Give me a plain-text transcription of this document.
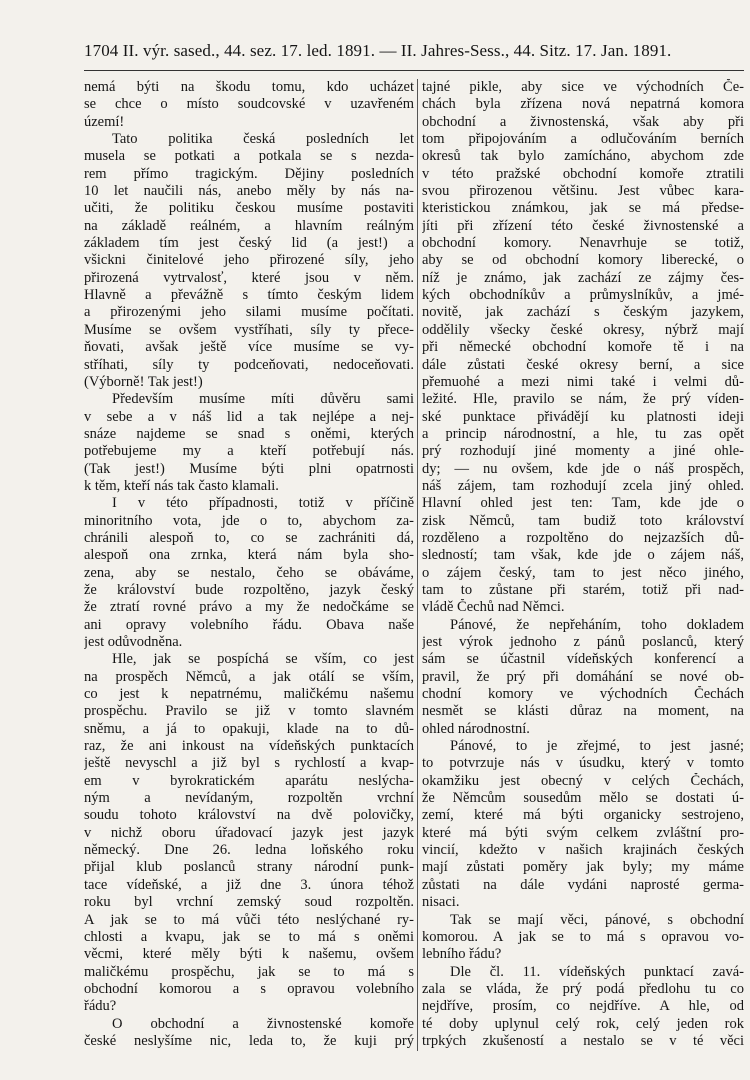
1704 II. výr. sased., 44. sez. 17. led. 1891. — II. Jahres-Sess., 44. Sitz. 17. Jan. 1891.
nemá býti na škodu tomu, kdo ucházet
se chce o místo soudcovské v uzavřeném
území!
Tato politika česká posledních let
musela se potkati a potkala se s nezda-
rem přímo tragickým. Dějiny posledních
10 let naučili nás, anebo měly by nás na-
učiti, že politiku českou musíme postaviti
na základě reálném, a hlavním reálným
základem tím jest český lid (a jest!) a
všickni činitelové jeho přirozené síly, jeho
přirozená vytrvalosť, které jsou v něm.
Hlavně a převážně s tímto českým lidem
a přirozenými jeho silami musíme počítati.
Musíme se ovšem vystříhati, síly ty přece-
ňovati, avšak ještě více musíme se vy-
stříhati, síly ty podceňovati, nedoceňovati.
(Výborně! Tak jest!)
Především musíme míti důvěru sami
v sebe a v náš lid a tak nejlépe a nej-
snáze najdeme se snad s oněmi, kterých
potřebujeme my a kteří potřebují nás.
(Tak jest!) Musíme býti plni opatrnosti
k těm, kteří nás tak často klamali.
I v této případnosti, totiž v příčině
minoritního vota, jde o to, abychom za-
chránili alespoň to, co se zachrániti dá,
alespoň ona zrnka, která nám byla sho-
zena, aby se nestalo, čeho se obáváme,
že království bude rozpoltěno, jazyk český
že ztratí rovné právo a my že nedočkáme se
ani opravy volebního řádu. Obava naše
jest odůvodněna.
Hle, jak se pospíchá se vším, co jest
na prospěch Němců, a jak otálí se vším,
co jest k nepatrnému, maličkému našemu
prospěchu. Pravilo se již v tomto slavném
sněmu, a já to opakuji, klade na to dů-
raz, že ani inkoust na vídeňských punktacích
ještě nevyschl a již byl s rychlostí a kvap-
em v byrokratickém aparátu neslýcha-
ným a nevídaným, rozpoltěn vrchní
soudu tohoto království na dvě polovičky,
v nichž oboru úřadovací jazyk jest jazyk
německý. Dne 26. ledna loňského roku
přijal klub poslanců strany národní punk-
tace vídeňské, a již dne 3. února téhož
roku byl vrchní zemský soud rozpoltěn.
A jak se to má vůči této neslýchané ry-
chlosti a kvapu, jak se to má s oněmi
věcmi, které měly býti k našemu, ovšem
maličkému prospěchu, jak se to má s
obchodní komorou a s opravou volebního
řádu?
O obchodní a živnostenské komoře
české neslyšíme nic, leda to, že kuji prý
tajné pikle, aby sice ve východních Če-
chách byla zřízena nová nepatrná komora
obchodní a živnostenská, však aby při
tom připojováním a odlučováním berních
okresů tak bylo zamícháno, abychom zde
v této pražské obchodní komoře ztratili
svou přirozenou většinu. Jest vůbec kara-
kteristickou známkou, jak se má předse-
jíti při zřízení této české živnostenské a
obchodní komory. Nenavrhuje se totiž,
aby se od obchodní komory liberecké, o
níž je známo, jak zachází ze zájmy čes-
kých obchodníkův a průmyslníkův, a jmé-
novitě, jak zachází s českým jazykem,
oddělily všecky české okresy, nýbrž mají
při německé obchodní komoře tě i na
dále zůstati české okresy berní, a sice
přemuohé a mezi nimi také i velmi dů-
ležité. Hle, pravilo se nám, že prý víden-
ské punktace přivádějí ku platnosti ideji
a princip národnostní, a hle, tu zas opět
prý rozhodují jiné momenty a jiné ohle-
dy; — nu ovšem, kde jde o náš prospěch,
náš zájem, tam rozhodují zcela jiný ohled.
Hlavní ohled jest ten: Tam, kde jde o
zisk Němců, tam budiž toto království
rozděleno a rozpoltěno do nejzazších dů-
sledností; tam však, kde jde o zájem náš,
o zájem český, tam to jest něco jiného,
tam to zůstane při starém, totiž při nad-
vládě Čechů nad Němci.
Pánové, že nepřeháním, toho dokladem
jest výrok jednoho z pánů poslanců, který
sám se účastnil vídeňských konferencí a
pravil, že prý při domáhání se nové ob-
chodní komory ve východních Čechách
nesmět se klásti důraz na moment, na
ohled národnostní.
Pánové, to je zřejmé, to jest jasné;
to potvrzuje nás v úsudku, který v tomto
okamžiku jest obecný v celých Čechách,
že Němcům sousedům mělo se dostati ú-
zemí, které má býti organicky sestrojeno,
které má býti svým celkem zvláštní pro-
vincií, kdežto v našich krajinách českých
mají zůstati poměry jak byly; my máme
zůstati na dále vydáni naprosté germa-
nisaci.
Tak se mají věci, pánové, s obchodní
komorou. A jak se to má s opravou vo-
lebního řádu?
Dle čl. 11. vídeňských punktací zavá-
zala se vláda, že prý podá předlohu tu co
nejdříve, prosím, co nejdříve. A hle, od
té doby uplynul celý rok, celý jeden rok
trpkých zkušeností a nestalo se v té věci
